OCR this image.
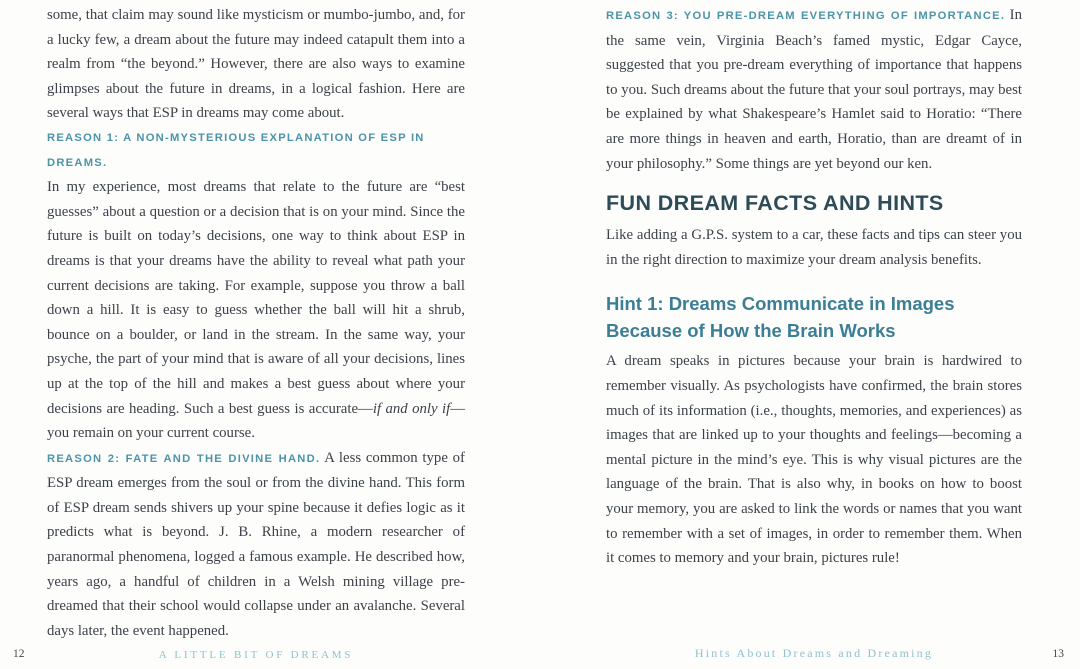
some, that claim may sound like mysticism or mumbo-jumbo, and, for a lucky few, a dream about the future may indeed catapult them into a realm from “the beyond.” However, there are also ways to examine glimpses about the future in dreams, in a logical fashion. Here are several ways that ESP in dreams may come about.

REASON 1: A NON-MYSTERIOUS EXPLANATION OF ESP IN DREAMS.

In my experience, most dreams that relate to the future are “best guesses” about a question or a decision that is on your mind. Since the future is built on today’s decisions, one way to think about ESP in dreams is that your dreams have the ability to reveal what path your current decisions are taking. For example, suppose you throw a ball down a hill. It is easy to guess whether the ball will hit a shrub, bounce on a boulder, or land in the stream. In the same way, your psyche, the part of your mind that is aware of all your decisions, lines up at the top of the hill and makes a best guess about where your decisions are heading. Such a best guess is accurate—if and only if—you remain on your current course.

REASON 2: FATE AND THE DIVINE HAND. A less common type of ESP dream emerges from the soul or from the divine hand. This form of ESP dream sends shivers up your spine because it defies logic as it predicts what is beyond. J. B. Rhine, a modern researcher of paranormal phenomena, logged a famous example. He described how, years ago, a handful of children in a Welsh mining village pre-dreamed that their school would collapse under an avalanche. Several days later, the event happened.

REASON 3: YOU PRE-DREAM EVERYTHING OF IMPORTANCE. In the same vein, Virginia Beach’s famed mystic, Edgar Cayce, suggested that you pre-dream everything of importance that happens to you. Such dreams about the future that your soul portrays, may best be explained by what Shakespeare’s Hamlet said to Horatio: “There are more things in heaven and earth, Horatio, than are dreamt of in your philosophy.” Some things are yet beyond our ken.

FUN DREAM FACTS AND HINTS

Like adding a G.P.S. system to a car, these facts and tips can steer you in the right direction to maximize your dream analysis benefits.

Hint 1: Dreams Communicate in Images
Because of How the Brain Works

A dream speaks in pictures because your brain is hardwired to remember visually. As psychologists have confirmed, the brain stores much of its information (i.e., thoughts, memories, and experiences) as images that are linked up to your thoughts and feelings—becoming a mental picture in the mind’s eye. This is why visual pictures are the language of the brain. That is also why, in books on how to boost your memory, you are asked to link the words or names that you want to remember with a set of images, in order to remember them. When it comes to memory and your brain, pictures rule!

12	A LITTLE BIT OF DREAMS	Hints About Dreams and Dreaming	13
